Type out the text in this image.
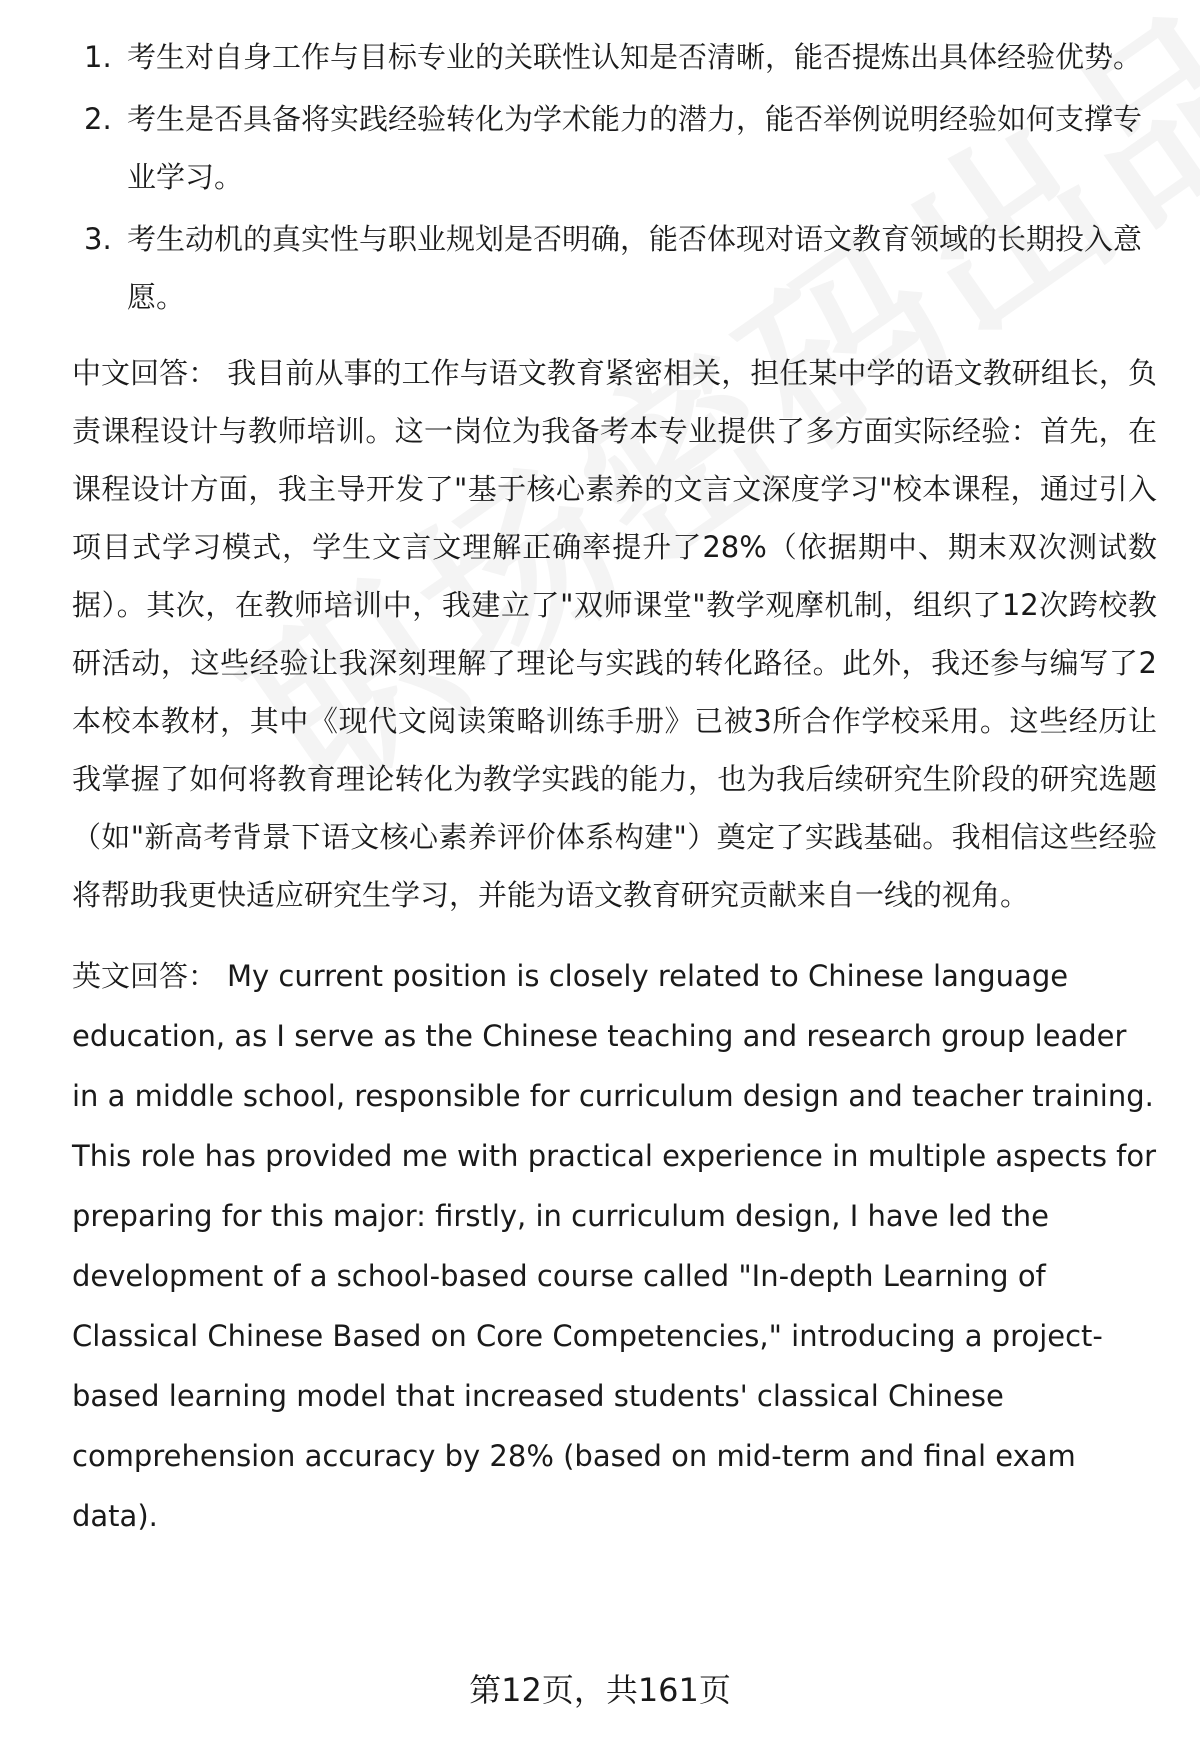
1. 考生对自身工作与目标专业的关联性认知是否清晰，能否提炼出具体经验优势。
2. 考生是否具备将实践经验转化为学术能力的潜力，能否举例说明经验如何支撑专业学习。
3. 考生动机的真实性与职业规划是否明确，能否体现对语文教育领域的长期投入意愿。

中文回答： 我目前从事的工作与语文教育紧密相关，担任某中学的语文教研组长，负责课程设计与教师培训。这一岗位为我备考本专业提供了多方面实际经验：首先，在课程设计方面，我主导开发了"基于核心素养的文言文深度学习"校本课程，通过引入项目式学习模式，学生文言文理解正确率提升了28%（依据期中、期末双次测试数据）。其次，在教师培训中，我建立了"双师课堂"教学观摩机制，组织了12次跨校教研活动，这些经验让我深刻理解了理论与实践的转化路径。此外，我还参与编写了2本校本教材，其中《现代文阅读策略训练手册》已被3所合作学校采用。这些经历让我掌握了如何将教育理论转化为教学实践的能力，也为我后续研究生阶段的研究选题（如"新高考背景下语文核心素养评价体系构建"）奠定了实践基础。我相信这些经验将帮助我更快适应研究生学习，并能为语文教育研究贡献来自一线的视角。

英文回答： My current position is closely related to Chinese language education, as I serve as the Chinese teaching and research group leader in a middle school, responsible for curriculum design and teacher training. This role has provided me with practical experience in multiple aspects for preparing for this major: firstly, in curriculum design, I have led the development of a school-based course called "In-depth Learning of Classical Chinese Based on Core Competencies," introducing a project-based learning model that increased students' classical Chinese comprehension accuracy by 28% (based on mid-term and final exam data).

第12页，共161页
